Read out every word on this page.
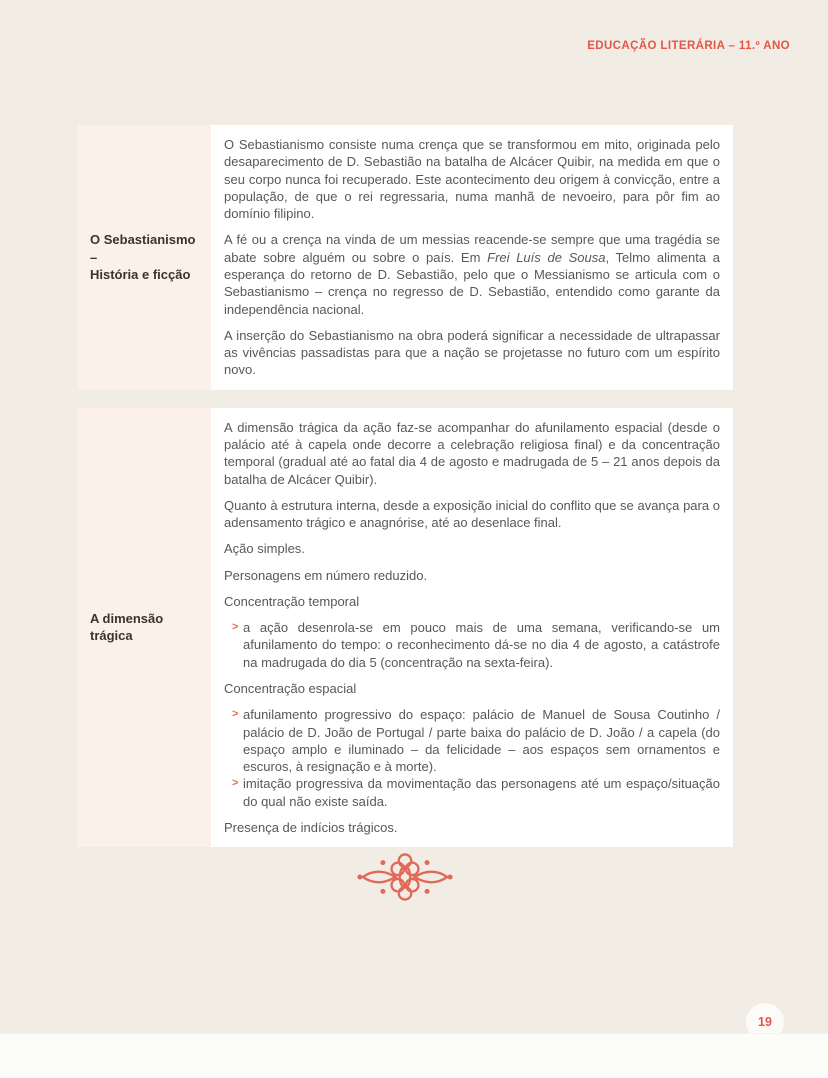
EDUCAÇÃO LITERÁRIA – 11.º ANO
O Sebastianismo –
História e ficção

O Sebastianismo consiste numa crença que se transformou em mito, originada pelo desaparecimento de D. Sebastião na batalha de Alcácer Quibir, na medida em que o seu corpo nunca foi recuperado. Este acontecimento deu origem à convicção, entre a população, de que o rei regressaria, numa manhã de nevoeiro, para pôr fim ao domínio filipino.

A fé ou a crença na vinda de um messias reacende-se sempre que uma tragédia se abate sobre alguém ou sobre o país. Em Frei Luís de Sousa, Telmo alimenta a esperança do retorno de D. Sebastião, pelo que o Messianismo se articula com o Sebastianismo – crença no regresso de D. Sebastião, entendido como garante da independência nacional.

A inserção do Sebastianismo na obra poderá significar a necessidade de ultrapassar as vivências passadistas para que a nação se projetasse no futuro com um espírito novo.

A dimensão trágica

A dimensão trágica da ação faz-se acompanhar do afunilamento espacial (desde o palácio até à capela onde decorre a celebração religiosa final) e da concentração temporal (gradual até ao fatal dia 4 de agosto e madrugada de 5 – 21 anos depois da batalha de Alcácer Quibir).

Quanto à estrutura interna, desde a exposição inicial do conflito que se avança para o adensamento trágico e anagnórise, até ao desenlace final.

Ação simples.

Personagens em número reduzido.

Concentração temporal

> a ação desenrola-se em pouco mais de uma semana, verificando-se um afunilamento do tempo: o reconhecimento dá-se no dia 4 de agosto, a catástrofe na madrugada do dia 5 (concentração na sexta-feira).

Concentração espacial

> afunilamento progressivo do espaço: palácio de Manuel de Sousa Coutinho / palácio de D. João de Portugal / parte baixa do palácio de D. João / a capela (do espaço amplo e iluminado – da felicidade – aos espaços sem ornamentos e escuros, à resignação e à morte).
> imitação progressiva da movimentação das personagens até um espaço/situação do qual não existe saída.

Presença de indícios trágicos.

19
